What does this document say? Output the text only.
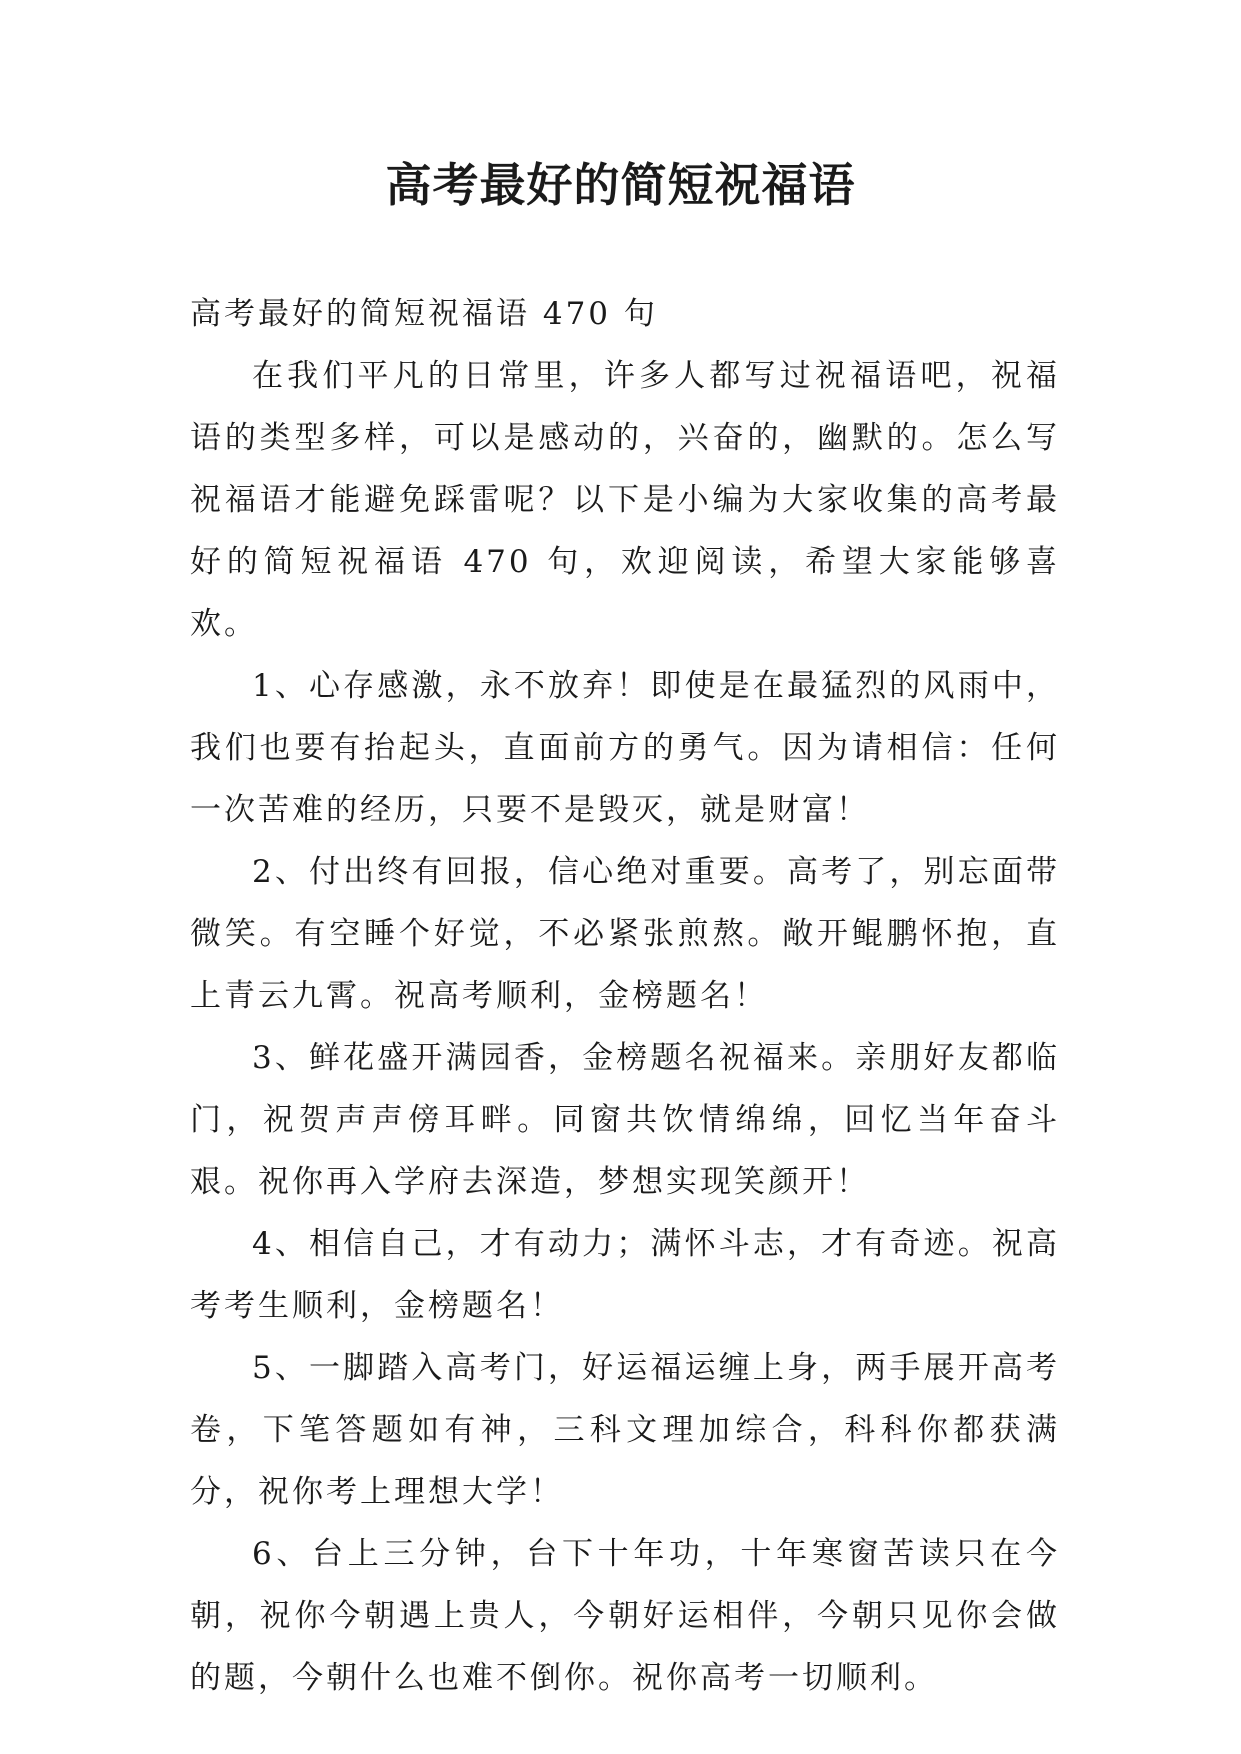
高考最好的简短祝福语

高考最好的简短祝福语 470 句

在我们平凡的日常里，许多人都写过祝福语吧，祝福语的类型多样，可以是感动的，兴奋的，幽默的。怎么写祝福语才能避免踩雷呢？以下是小编为大家收集的高考最好的简短祝福语 470 句，欢迎阅读，希望大家能够喜欢。

1、心存感激，永不放弃！即使是在最猛烈的风雨中，我们也要有抬起头，直面前方的勇气。因为请相信：任何一次苦难的经历，只要不是毁灭，就是财富！

2、付出终有回报，信心绝对重要。高考了，别忘面带微笑。有空睡个好觉，不必紧张煎熬。敞开鲲鹏怀抱，直上青云九霄。祝高考顺利，金榜题名！

3、鲜花盛开满园香，金榜题名祝福来。亲朋好友都临门，祝贺声声傍耳畔。同窗共饮情绵绵，回忆当年奋斗艰。祝你再入学府去深造，梦想实现笑颜开！

4、相信自己，才有动力；满怀斗志，才有奇迹。祝高考考生顺利，金榜题名！

5、一脚踏入高考门，好运福运缠上身，两手展开高考卷，下笔答题如有神，三科文理加综合，科科你都获满分，祝你考上理想大学！

6、台上三分钟，台下十年功，十年寒窗苦读只在今朝，祝你今朝遇上贵人，今朝好运相伴，今朝只见你会做的题，今朝什么也难不倒你。祝你高考一切顺利。
